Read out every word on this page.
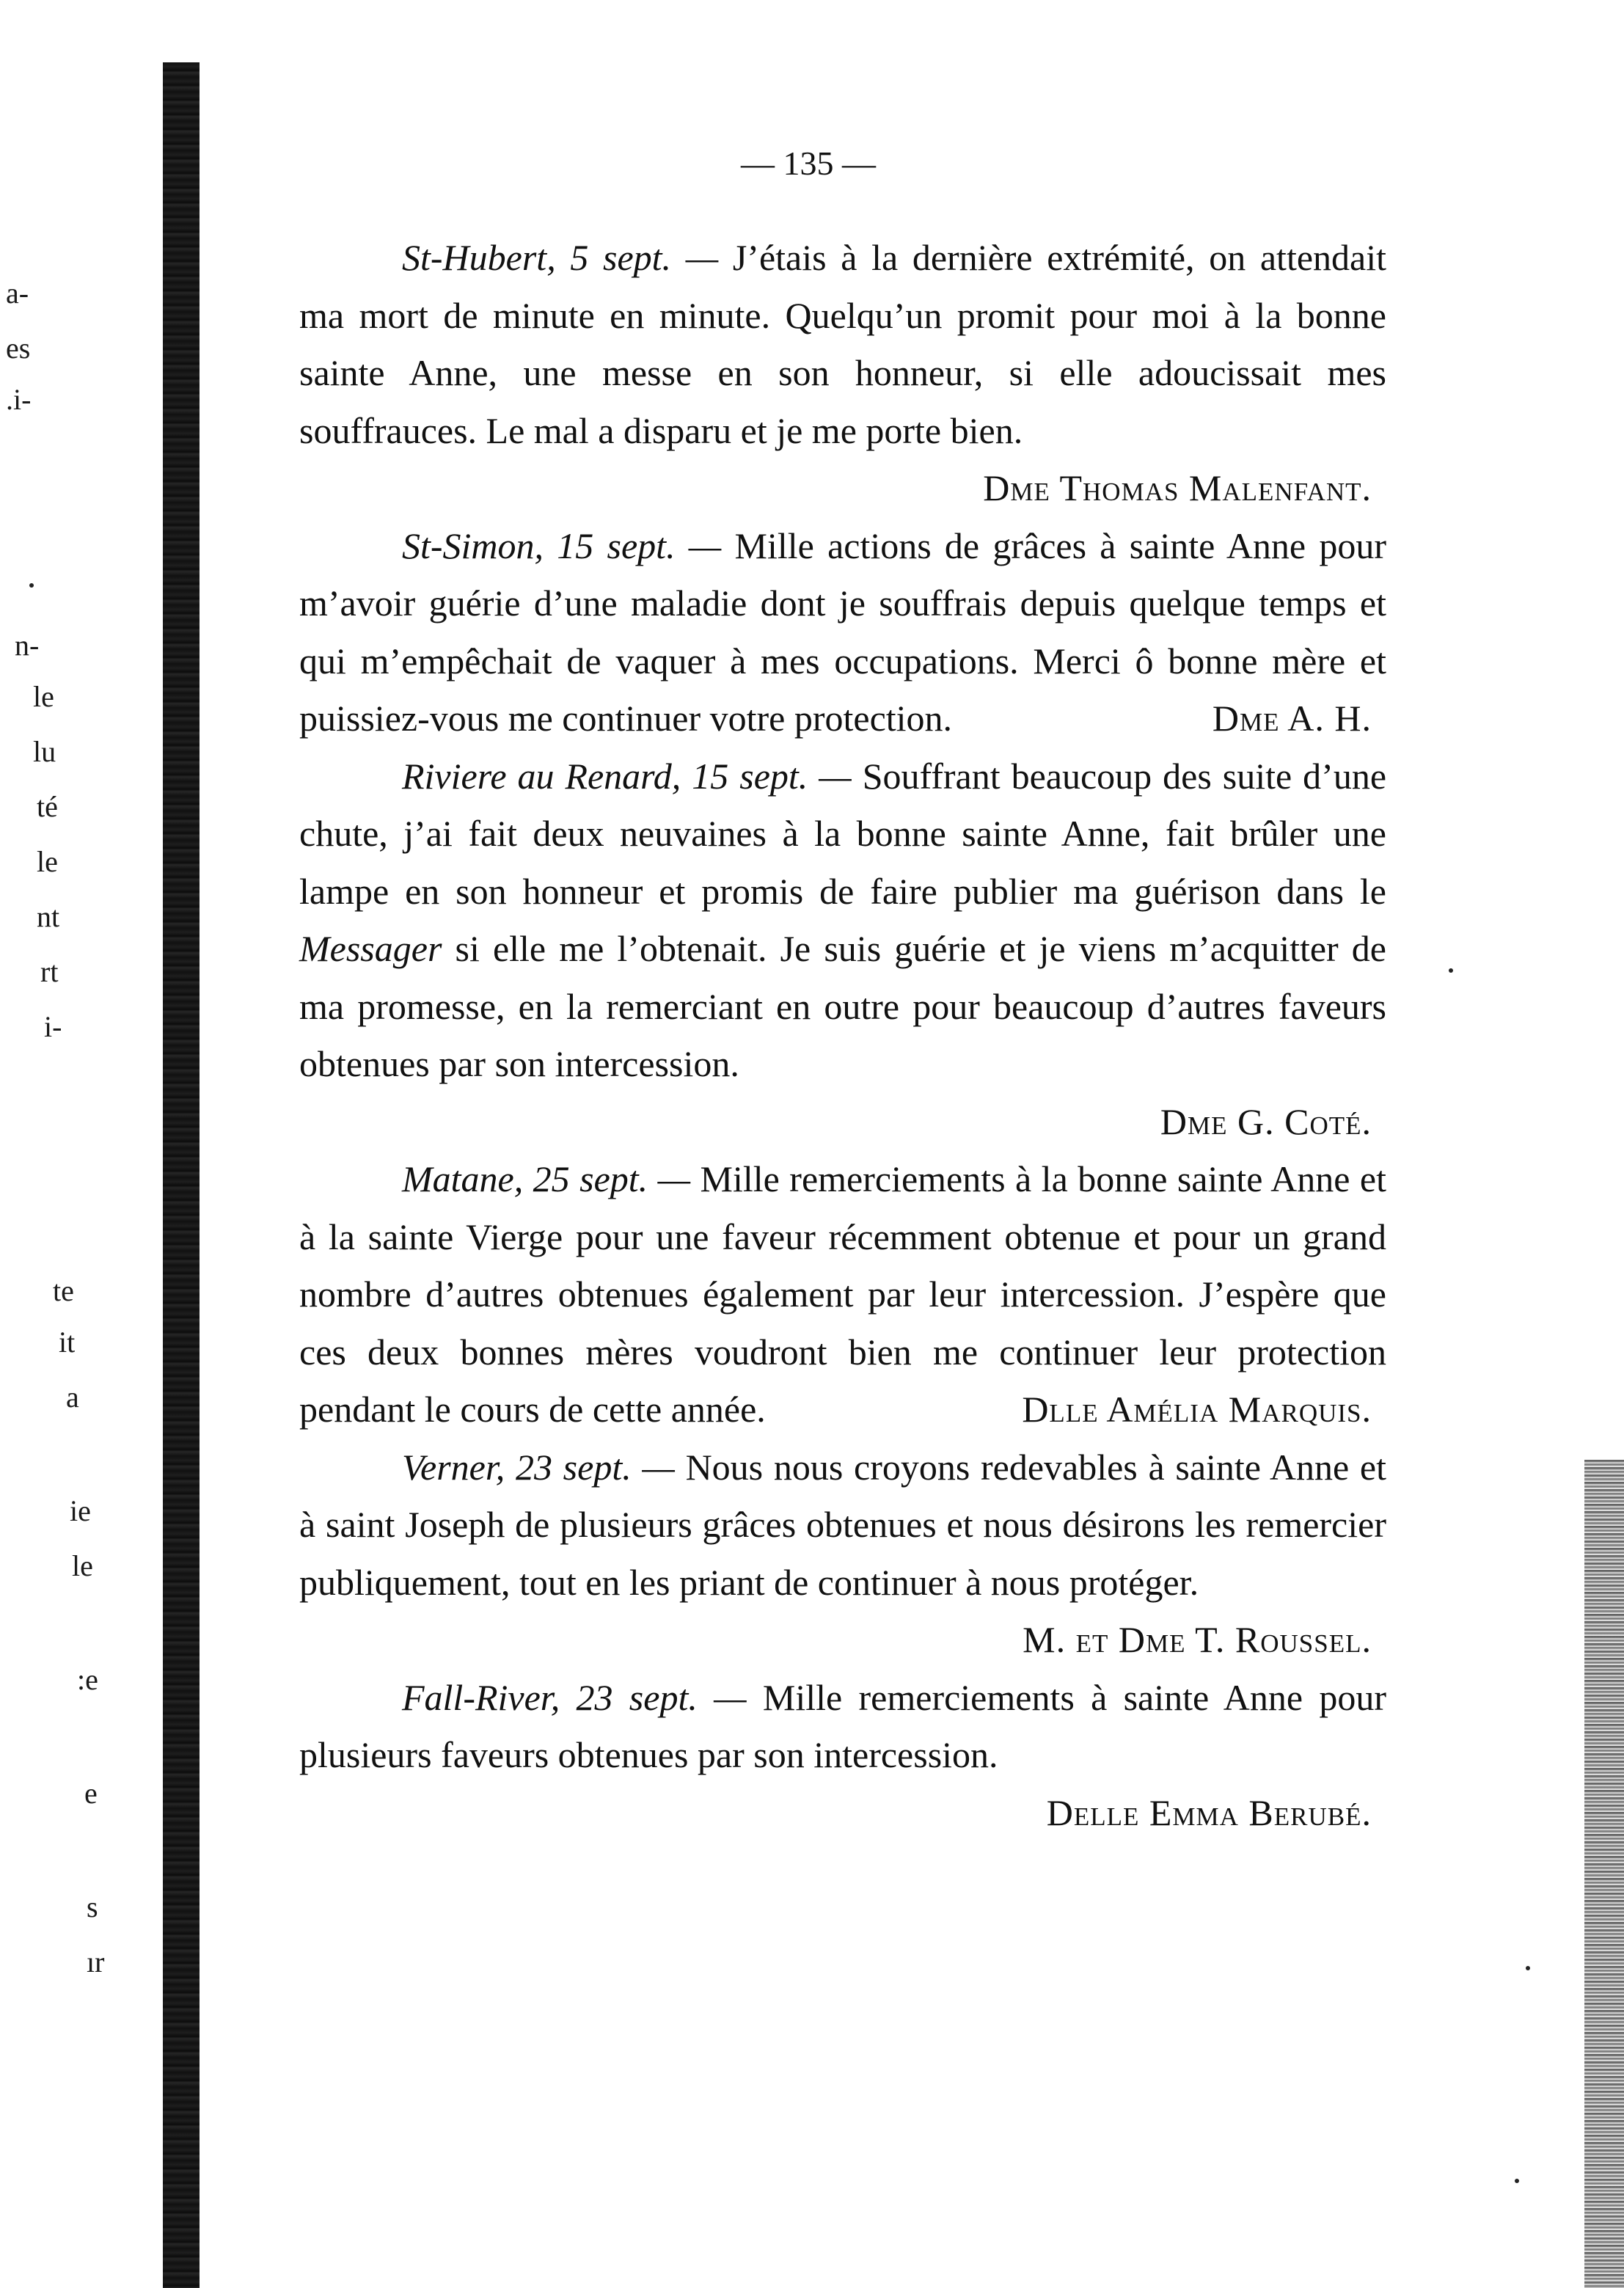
a-
es
.i-
n-
le
lu
té
le
nt
rt
i-
te
it
a
ie
le
:e
e
s
ır
— 135 —

St-Hubert, 5 sept. — J’étais à la dernière extrémité, on attendait ma mort de minute en minute. Quelqu’un promit pour moi à la bonne sainte Anne, une messe en son honneur, si elle adoucissait mes souffrauces. Le mal a disparu et je me porte bien.
Dme Thomas Malenfant.

St-Simon, 15 sept. — Mille actions de grâces à sainte Anne pour m’avoir guérie d’une maladie dont je souffrais depuis quelque temps et qui m’empêchait de vaquer à mes occupations. Merci ô bonne mère et puissiez-vous me continuer votre protection.	Dme A. H.

Riviere au Renard, 15 sept. — Souffrant beaucoup des suite d’une chute, j’ai fait deux neuvaines à la bonne sainte Anne, fait brûler une lampe en son honneur et promis de faire publier ma guérison dans le Messager si elle me l’obtenait. Je suis guérie et je viens m’acquitter de ma promesse, en la remerciant en outre pour beaucoup d’autres faveurs obtenues par son intercession.

Dme G. Coté.

Matane, 25 sept. — Mille remerciements à la bonne sainte Anne et à la sainte Vierge pour une faveur récemment obtenue et pour un grand nombre d’autres obtenues également par leur intercession. J’espère que ces deux bonnes mères voudront bien me continuer leur protection pendant le cours de cette année.	Dlle Amélia Marquis.

Verner, 23 sept. — Nous nous croyons redevables à sainte Anne et à saint Joseph de plusieurs grâces obtenues et nous désirons les remercier publiquement, tout en les priant de continuer à nous protéger.

M. et Dme T. Roussel.

Fall-River, 23 sept. — Mille remerciements à sainte Anne pour plusieurs faveurs obtenues par son intercession.

Delle Emma Berubé.
